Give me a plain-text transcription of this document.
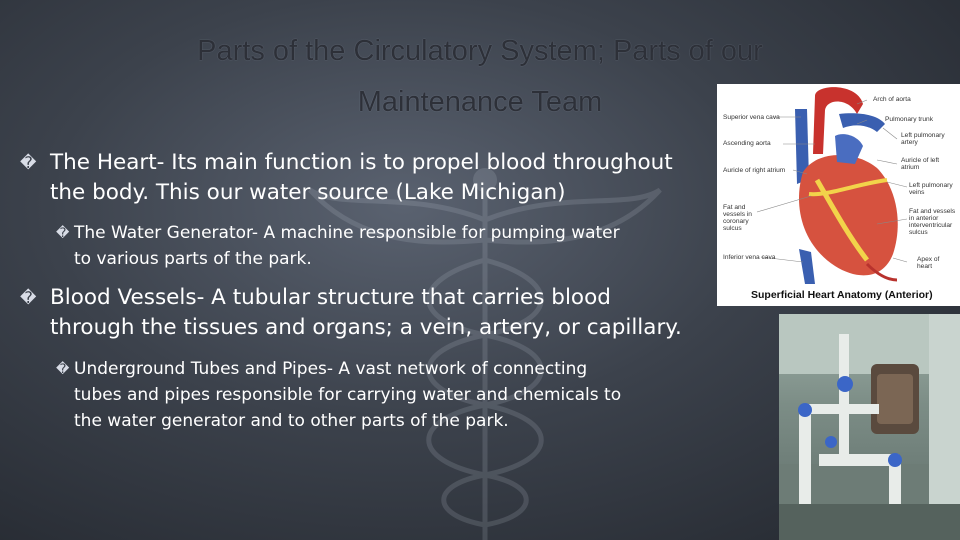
Parts of the Circulatory System; Parts of our
Maintenance Team
� The Heart- Its main function is to propel blood throughout
the body. This our water source (Lake Michigan)
� The Water Generator- A machine responsible for pumping water
to various parts of the park.
� Blood Vessels- A tubular structure that carries blood
through the tissues and organs; a vein, artery, or capillary.
� Underground Tubes and Pipes- A vast network of connecting
tubes and pipes responsible for carrying water and chemicals to
the water generator and to other parts of the park.
Arch of aorta
Superior vena cava	Pulmonary trunk
Ascending aorta
Left pulmonary artery
Auricle of right atrium
Auricle of left atrium
Left pulmonary veins
Fat and vessels in coronary sulcus
Fat and vessels in anterior interventricular sulcus
Inferior vena cava	Apex of heart
Superficial Heart Anatomy (Anterior)
